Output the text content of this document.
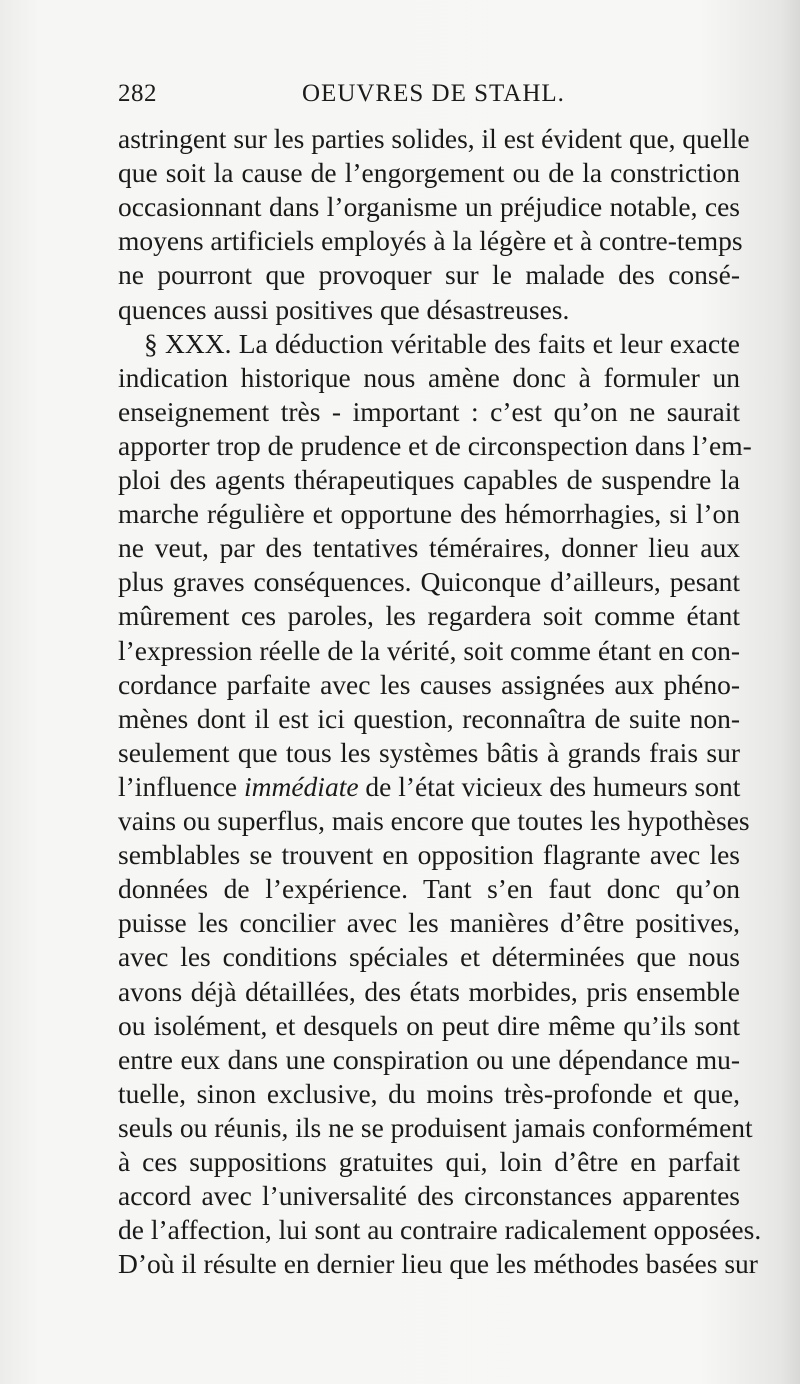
282	OEUVRES DE STAHL.
astringent sur les parties solides, il est évident que, quelle
que soit la cause de l’engorgement ou de la constriction
occasionnant dans l’organisme un préjudice notable, ces
moyens artificiels employés à la légère et à contre-temps
ne pourront que provoquer sur le malade des consé-
quences aussi positives que désastreuses.
§ XXX. La déduction véritable des faits et leur exacte
indication historique nous amène donc à formuler un
enseignement très - important : c’est qu’on ne saurait
apporter trop de prudence et de circonspection dans l’em-
ploi des agents thérapeutiques capables de suspendre la
marche régulière et opportune des hémorrhagies, si l’on
ne veut, par des tentatives téméraires, donner lieu aux
plus graves conséquences. Quiconque d’ailleurs, pesant
mûrement ces paroles, les regardera soit comme étant
l’expression réelle de la vérité, soit comme étant en con-
cordance parfaite avec les causes assignées aux phéno-
mènes dont il est ici question, reconnaîtra de suite non-
seulement que tous les systèmes bâtis à grands frais sur
l’influence immédiate de l’état vicieux des humeurs sont
vains ou superflus, mais encore que toutes les hypothèses
semblables se trouvent en opposition flagrante avec les
données de l’expérience. Tant s’en faut donc qu’on
puisse les concilier avec les manières d’être positives,
avec les conditions spéciales et déterminées que nous
avons déjà détaillées, des états morbides, pris ensemble
ou isolément, et desquels on peut dire même qu’ils sont
entre eux dans une conspiration ou une dépendance mu-
tuelle, sinon exclusive, du moins très-profonde et que,
seuls ou réunis, ils ne se produisent jamais conformément
à ces suppositions gratuites qui, loin d’être en parfait
accord avec l’universalité des circonstances apparentes
de l’affection, lui sont au contraire radicalement opposées.
D’où il résulte en dernier lieu que les méthodes basées sur
